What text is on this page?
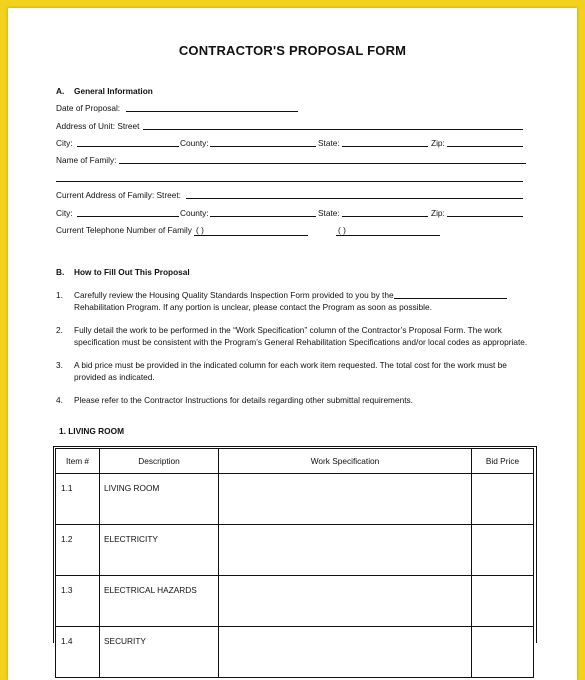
CONTRACTOR'S PROPOSAL FORM
A. General Information
Date of Proposal:
Address of Unit: Street
City:	County:	State:	Zip:
Name of Family:
Current Address of Family: Street:
City:	County:	State:	Zip:
Current Telephone Number of Family ( )	( )
B. How to Fill Out This Proposal
1. Carefully review the Housing Quality Standards Inspection Form provided to you by the
Rehabilitation Program. If any portion is unclear, please contact the Program as soon as possible.
2. Fully detail the work to be performed in the “Work Specification” column of the Contractor’s Proposal Form. The work
specification must be consistent with the Program’s General Rehabilitation Specifications and/or local codes as appropriate.
3. A bid price must be provided in the indicated column for each work item requested. The total cost for the work must be
provided as indicated.
4. Please refer to the Contractor Instructions for details regarding other submittal requirements.
1. LIVING ROOM
Item #	Description	Work Specification	Bid Price
1.1	LIVING ROOM		
1.2	ELECTRICITY		
1.3	ELECTRICAL HAZARDS		
1.4	SECURITY		
